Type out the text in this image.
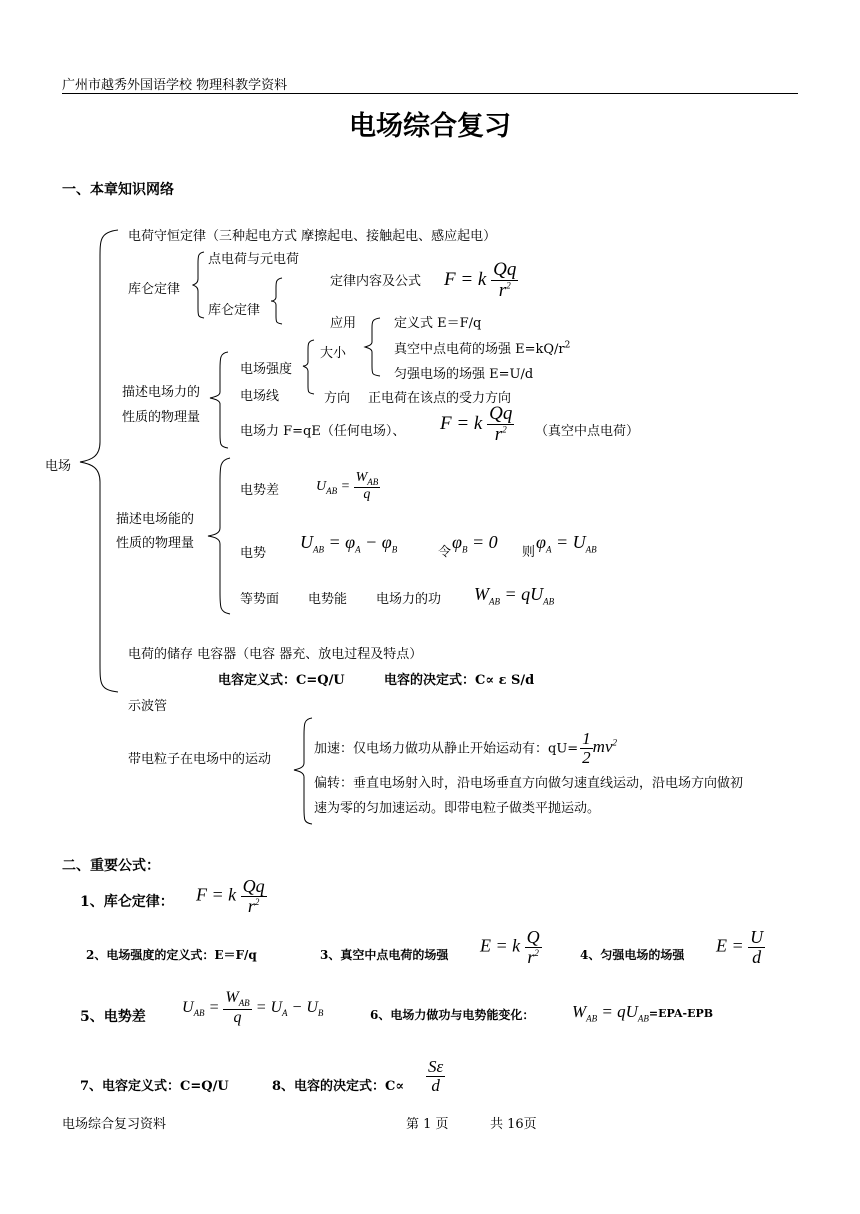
广州市越秀外国语学校 物理科教学资料
电场综合复习
一、本章知识网络
电场
电荷守恒定律（三种起电方式 摩擦起电、接触起电、感应起电）
库仑定律
点电荷与元电荷
库仑定律
定律内容及公式 F = k $\frac{Qq}{r^2}$
应用
描述电场力的
性质的物理量
电场强度
电场线
大小
方向 正电荷在该点的受力方向
定义式 E＝F/q
真空中点电荷的场强 $E=kQ/r^2$
匀强电场的场强 E=U/d
电场力 F=qE（任何电场）、 F = k $\frac{Qq}{r^2}$ （真空中点电荷）
描述电场能的
性质的物理量
电势差	$U_{AB} = \frac{W_{AB}}{q}$
电势
$U_{AB} = \varphi_A - \varphi_B$	令
$\varphi_B = 0$
则
$\varphi_A = U_{AB}$
等势面 电势能 电场力的功 $W_{AB} = qU_{AB}$
电荷的储存 电容器（电容 器充、放电过程及特点）
电容定义式：C=Q/U	电容的决定式：C∝ ε S/d
示波管
带电粒子在电场中的运动
加速：仅电场力做功从静止开始运动有：$qU= \frac{1}{2} mv^2$
偏转：垂直电场射入时，沿电场垂直方向做匀速直线运动，沿电场方向做初
速为零的匀加速运动。即带电粒子做类平抛运动。
二、重要公式：
1、库仑定律： F = k $\frac{Qq}{r^2}$
2、电场强度的定义式：E＝F/q	3、真空中点电荷的场强 E = k $\frac{Q}{r^2}$	4、匀强电场的场强 $E = \frac{U}{d}$
5、电势差
$U_{AB} = \frac{W_{AB}}{q} = U_A - U_B$	6、电场力做功与电势能变化： $W_{AB} = qU_{AB}=EPA-EPB$
7、电容定义式：C=Q/U	8、电容的决定式：$C\propto \frac{S\varepsilon}{d}$
电场综合复习资料	第 1 页	共 16页
